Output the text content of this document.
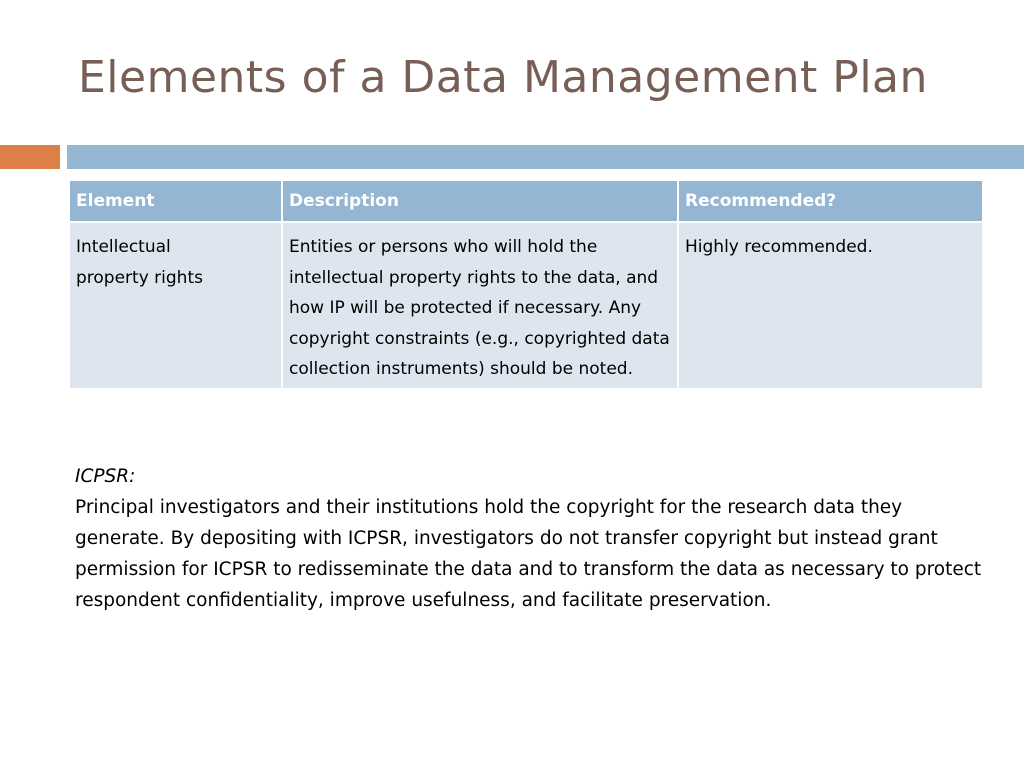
Elements of a Data Management Plan
Element	Description	Recommended?

Intellectual property rights	Entities or persons who will hold the intellectual property rights to the data, and how IP will be protected if necessary. Any copyright constraints (e.g., copyrighted data collection instruments) should be noted.	Highly recommended.
ICPSR:
Principal investigators and their institutions hold the copyright for the research data they generate. By depositing with ICPSR, investigators do not transfer copyright but instead grant permission for ICPSR to redisseminate the data and to transform the data as necessary to protect respondent confidentiality, improve usefulness, and facilitate preservation.
